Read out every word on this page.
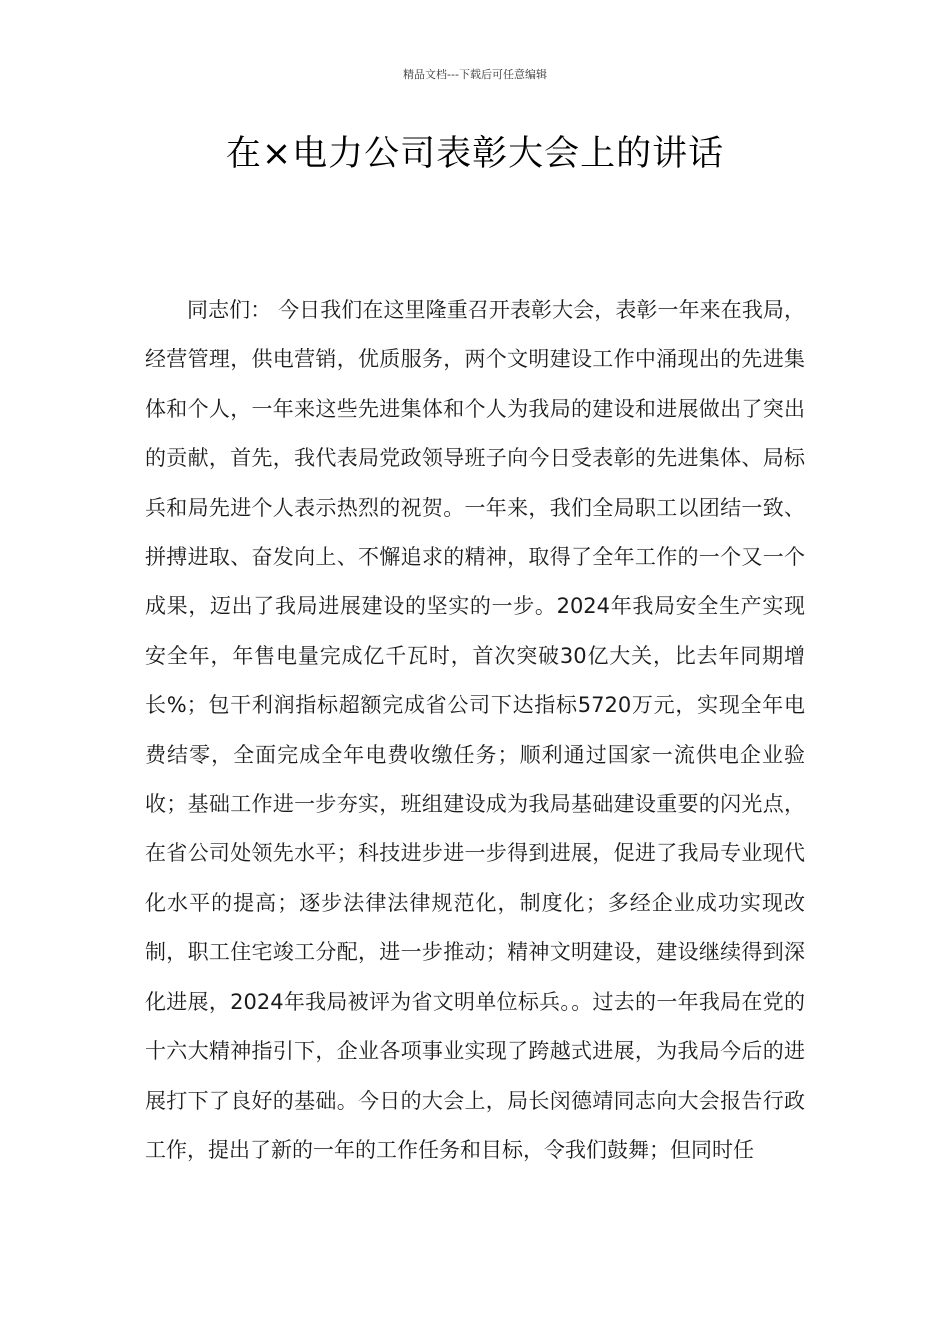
精品文档---下载后可任意编辑
在×电力公司表彰大会上的讲话

同志们： 今日我们在这里隆重召开表彰大会，表彰一年来在我局，经营管理，供电营销，优质服务，两个文明建设工作中涌现出的先进集体和个人，一年来这些先进集体和个人为我局的建设和进展做出了突出的贡献，首先，我代表局党政领导班子向今日受表彰的先进集体、局标兵和局先进个人表示热烈的祝贺。一年来，我们全局职工以团结一致、拼搏进取、奋发向上、不懈追求的精神，取得了全年工作的一个又一个成果，迈出了我局进展建设的坚实的一步。2024年我局安全生产实现安全年，年售电量完成亿千瓦时，首次突破30亿大关，比去年同期增长%；包干利润指标超额完成省公司下达指标5720万元，实现全年电费结零，全面完成全年电费收缴任务；顺利通过国家一流供电企业验收；基础工作进一步夯实，班组建设成为我局基础建设重要的闪光点，在省公司处领先水平；科技进步进一步得到进展，促进了我局专业现代化水平的提高；逐步法律法律规范化，制度化；多经企业成功实现改制，职工住宅竣工分配，进一步推动；精神文明建设，建设继续得到深化进展，2024年我局被评为省文明单位标兵。。过去的一年我局在党的十六大精神指引下，企业各项事业实现了跨越式进展，为我局今后的进展打下了良好的基础。今日的大会上，局长闵德靖同志向大会报告行政工作，提出了新的一年的工作任务和目标，令我们鼓舞；但同时任
